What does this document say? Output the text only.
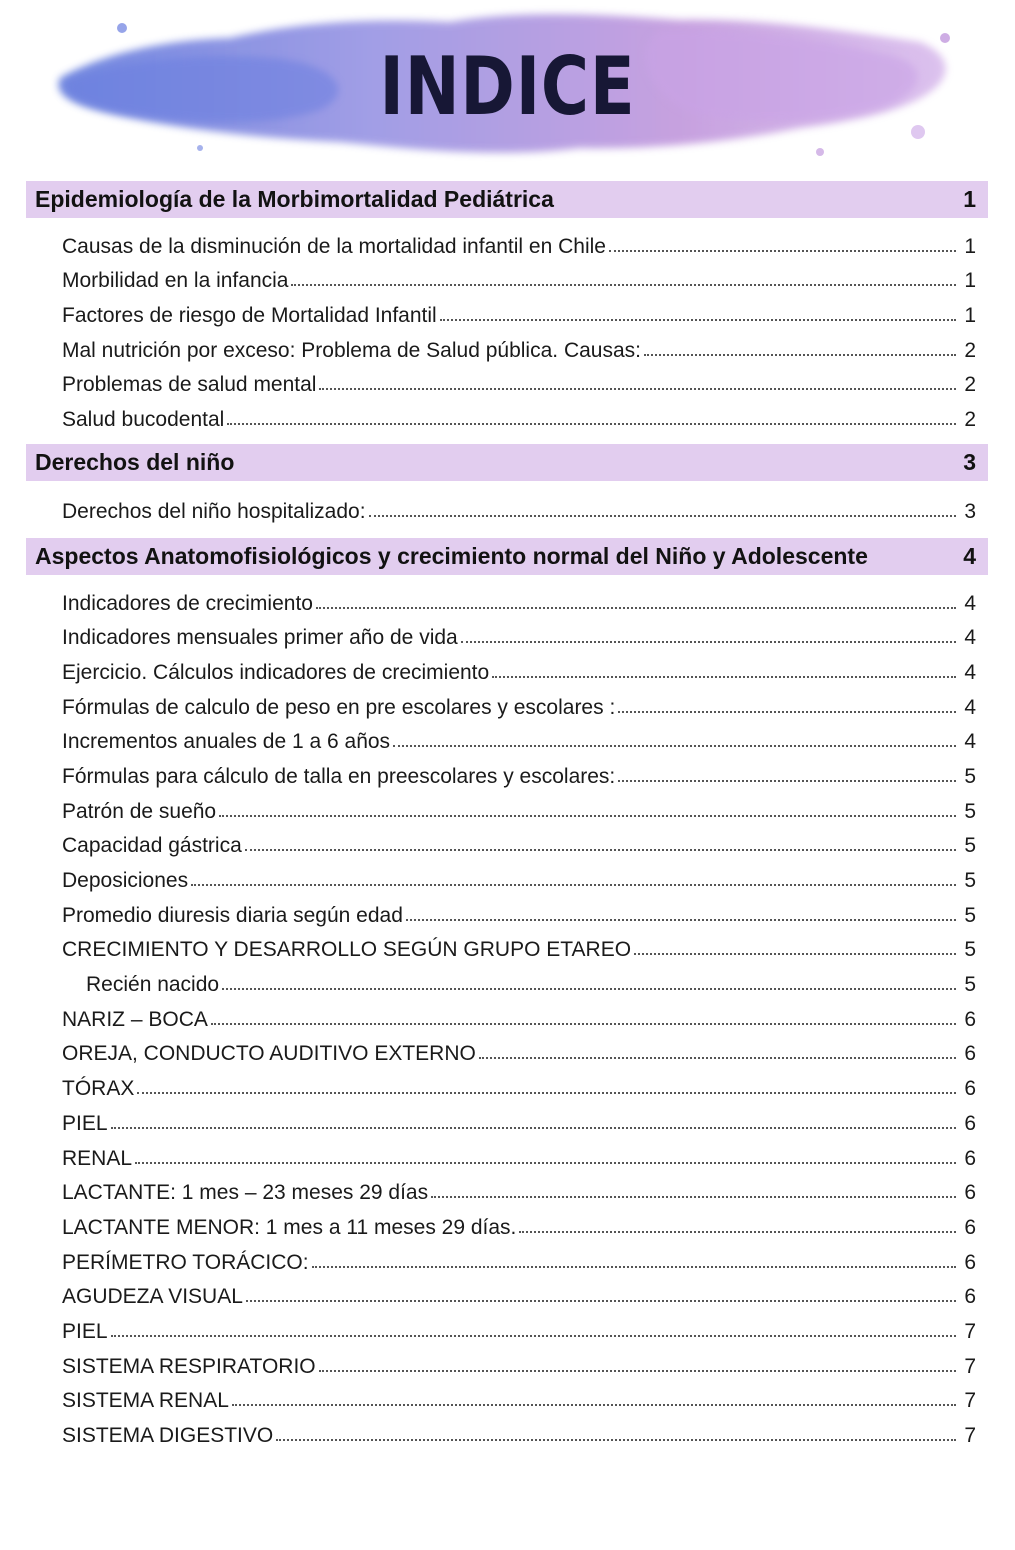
INDICE
Epidemiología de la Morbimortalidad Pediátrica	1
Causas de la disminución de la mortalidad infantil en Chile	1
Morbilidad en la infancia	1
Factores de riesgo de Mortalidad Infantil	1
Mal nutrición por exceso: Problema de Salud pública. Causas:	2
Problemas de salud mental	2
Salud bucodental	2
Derechos del niño	3
Derechos del niño hospitalizado:	3
Aspectos Anatomofisiológicos y crecimiento normal del Niño y Adolescente	4
Indicadores de crecimiento	4
Indicadores mensuales primer año de vida	4
Ejercicio. Cálculos indicadores de crecimiento	4
Fórmulas de calculo de peso en pre escolares y escolares :	4
Incrementos anuales de 1 a 6 años	4
Fórmulas para cálculo de talla en preescolares y escolares:	5
Patrón de sueño	5
Capacidad gástrica	5
Deposiciones	5
Promedio diuresis diaria según edad	5
CRECIMIENTO Y DESARROLLO SEGÚN GRUPO ETAREO	5
Recién nacido	5
NARIZ – BOCA	6
OREJA, CONDUCTO AUDITIVO EXTERNO	6
TÓRAX	6
PIEL	6
RENAL	6
LACTANTE: 1 mes – 23 meses 29 días	6
LACTANTE MENOR: 1 mes a 11 meses 29 días.	6
PERÍMETRO TORÁCICO:	6
AGUDEZA VISUAL	6
PIEL	7
SISTEMA RESPIRATORIO	7
SISTEMA RENAL	7
SISTEMA DIGESTIVO	7
